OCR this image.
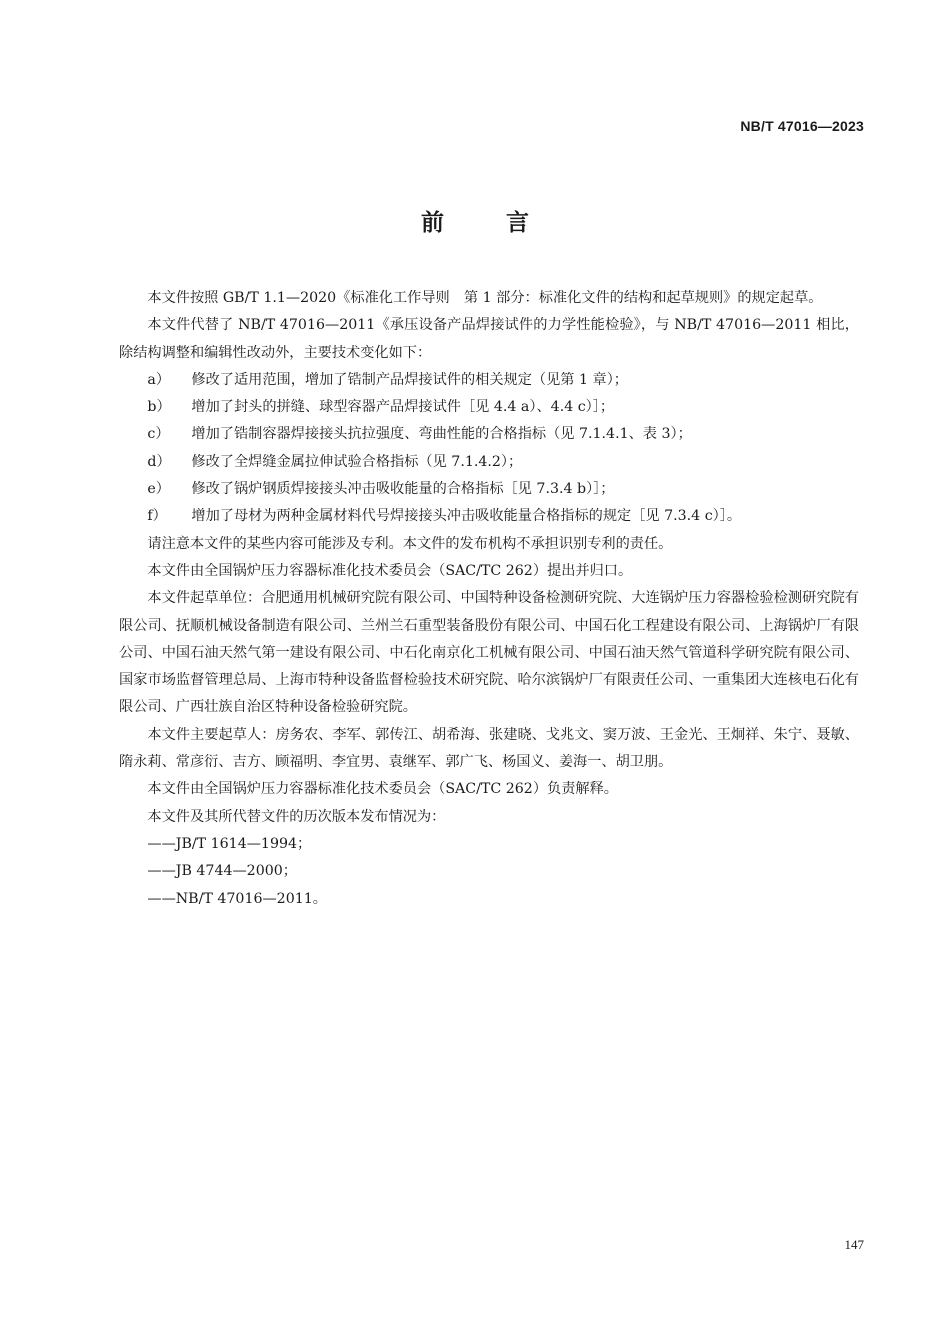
NB/T 47016—2023
前	言

本文件按照 GB/T 1.1—2020《标准化工作导则　第 1 部分：标准化文件的结构和起草规则》的规定起草。

本文件代替了 NB/T 47016—2011《承压设备产品焊接试件的力学性能检验》，与 NB/T 47016—2011 相比，除结构调整和编辑性改动外，主要技术变化如下：

a） 修改了适用范围，增加了锆制产品焊接试件的相关规定（见第 1 章）；

b） 增加了封头的拼缝、球型容器产品焊接试件［见 4.4 a）、4.4 c）］；

c） 增加了锆制容器焊接接头抗拉强度、弯曲性能的合格指标（见 7.1.4.1、表 3）；

d） 修改了全焊缝金属拉伸试验合格指标（见 7.1.4.2）；

e） 修改了锅炉钢质焊接接头冲击吸收能量的合格指标［见 7.3.4 b）］；

f） 增加了母材为两种金属材料代号焊接接头冲击吸收能量合格指标的规定［见 7.3.4 c）］。

请注意本文件的某些内容可能涉及专利。本文件的发布机构不承担识别专利的责任。

本文件由全国锅炉压力容器标准化技术委员会（SAC/TC 262）提出并归口。

本文件起草单位：合肥通用机械研究院有限公司、中国特种设备检测研究院、大连锅炉压力容器检验检测研究院有限公司、抚顺机械设备制造有限公司、兰州兰石重型装备股份有限公司、中国石化工程建设有限公司、上海锅炉厂有限公司、中国石油天然气第一建设有限公司、中石化南京化工机械有限公司、中国石油天然气管道科学研究院有限公司、国家市场监督管理总局、上海市特种设备监督检验技术研究院、哈尔滨锅炉厂有限责任公司、一重集团大连核电石化有限公司、广西壮族自治区特种设备检验研究院。

本文件主要起草人：房务农、李军、郭传江、胡希海、张建晓、戈兆文、窦万波、王金光、王炯祥、朱宁、聂敏、隋永莉、常彦衍、吉方、顾福明、李宜男、袁继军、郭广飞、杨国义、姜海一、胡卫朋。

本文件由全国锅炉压力容器标准化技术委员会（SAC/TC 262）负责解释。

本文件及其所代替文件的历次版本发布情况为：

——JB/T 1614—1994；

——JB 4744—2000；

——NB/T 47016—2011。

147
